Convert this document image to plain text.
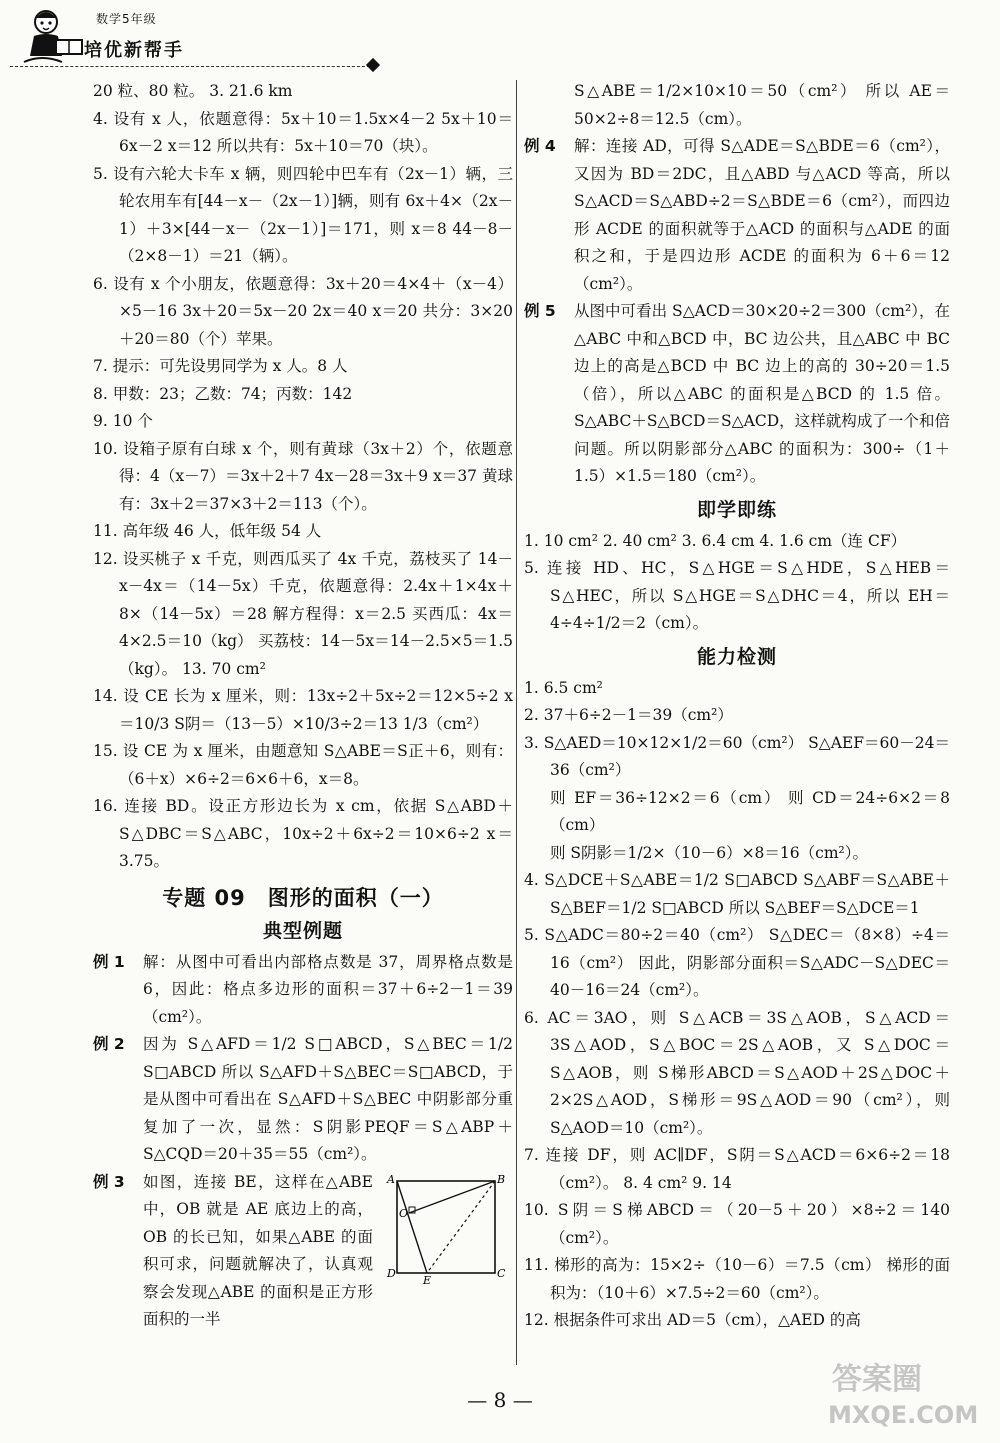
数学5年级
培优新帮手

20 粒、80 粒。 3. 21.6 km

4. 设有 x 人，依题意得：5x＋10＝1.5x×4－2 5x＋10＝6x－2 x＝12 所以共有：5x＋10＝70（块）。

5. 设有六轮大卡车 x 辆，则四轮中巴车有（2x－1）辆，三轮农用车有[44－x－（2x－1）]辆，则有 6x＋4×（2x－1）＋3×[44－x－（2x－1）]＝171，则 x＝8 44－8－（2×8－1）＝21（辆）。

6. 设有 x 个小朋友，依题意得：3x＋20＝4×4＋（x－4）×5－16 3x＋20＝5x－20 2x＝40 x＝20 共分：3×20＋20＝80（个）苹果。

7. 提示：可先设男同学为 x 人。8 人

8. 甲数：23；乙数：74；丙数：142

9. 10 个

10. 设箱子原有白球 x 个，则有黄球（3x＋2）个，依题意得：4（x－7）＝3x＋2＋7 4x－28＝3x＋9 x＝37 黄球有：3x＋2＝37×3＋2＝113（个）。

11. 高年级 46 人，低年级 54 人

12. 设买桃子 x 千克，则西瓜买了 4x 千克，荔枝买了 14－x－4x＝（14－5x）千克，依题意得：2.4x＋1×4x＋8×（14－5x）＝28 解方程得：x＝2.5 买西瓜：4x＝4×2.5＝10（kg） 买荔枝：14－5x＝14－2.5×5＝1.5（kg）。 13. 70 cm²

14. 设 CE 长为 x 厘米，则：13x÷2＋5x÷2＝12×5÷2 x＝10/3 S阴＝（13－5）×10/3÷2＝13 1/3（cm²）

15. 设 CE 为 x 厘米，由题意知 S△ABE＝S正＋6，则有：（6＋x）×6÷2＝6×6＋6，x＝8。

16. 连接 BD。设正方形边长为 x cm，依据 S△ABD＋S△DBC＝S△ABC，10x÷2＋6x÷2＝10×6÷2 x＝3.75。

专题 09　图形的面积（一）
典型例题
例 1	解：从图中可看出内部格点数是 37，周界格点数是 6，因此：格点多边形的面积＝37＋6÷2－1＝39（cm²）。
例 2	因为 S△AFD＝1/2 S□ABCD，S△BEC＝1/2 S□ABCD 所以 S△AFD＋S△BEC＝S□ABCD，于是从图中可看出在 S△AFD＋S△BEC 中阴影部分重复加了一次，显然：S阴影PEQF＝S△ABP＋S△CQD＝20＋35＝55（cm²）。
例 3	如图，连接 BE，这样在△ABE 中，OB 就是 AE 底边上的高，OB 的长已知，如果△ABE 的面积可求，问题就解决了，认真观察会发现△ABE 的面积是正方形面积的一半
A	B
O
D
E
C

S△ABE＝1/2×10×10＝50（cm²） 所以 AE＝50×2÷8＝12.5（cm）。

例 4	解：连接 AD，可得 S△ADE＝S△BDE＝6（cm²），又因为 BD＝2DC，且△ABD 与△ACD 等高，所以 S△ACD＝S△ABD÷2＝S△BDE＝6（cm²），而四边形 ACDE 的面积就等于△ACD 的面积与△ADE 的面积之和，于是四边形 ACDE 的面积为 6＋6＝12（cm²）。
例 5	从图中可看出 S△ACD＝30×20÷2＝300（cm²），在△ABC 中和△BCD 中，BC 边公共，且△ABC 中 BC 边上的高是△BCD 中 BC 边上的高的 30÷20＝1.5（倍），所以△ABC 的面积是△BCD 的 1.5 倍。S△ABC＋S△BCD＝S△ACD，这样就构成了一个和倍问题。所以阴影部分△ABC 的面积为：300÷（1＋1.5）×1.5＝180（cm²）。
即学即练

1. 10 cm² 2. 40 cm² 3. 6.4 cm 4. 1.6 cm（连 CF）

5. 连接 HD、HC，S△HGE＝S△HDE，S△HEB＝S△HEC，所以 S△HGE＝S△DHC＝4，所以 EH＝4÷4÷1/2＝2（cm）。

能力检测

1. 6.5 cm²

2. 37＋6÷2－1＝39（cm²）

3. S△AED＝10×12×1/2＝60（cm²） S△AEF＝60－24＝36（cm²）

则 EF＝36÷12×2＝6（cm） 则 CD＝24÷6×2＝8（cm）

则 S阴影＝1/2×（10－6）×8＝16（cm²）。

4. S△DCE＋S△ABE＝1/2 S□ABCD S△ABF＝S△ABE＋S△BEF＝1/2 S□ABCD 所以 S△BEF＝S△DCE＝1

5. S△ADC＝80÷2＝40（cm²） S△DEC＝（8×8）÷4＝16（cm²） 因此，阴影部分面积＝S△ADC－S△DEC＝40－16＝24（cm²）。

6. AC＝3AO，则 S△ACB＝3S△AOB，S△ACD＝3S△AOD，S△BOC＝2S△AOB，又 S△DOC＝S△AOB，则 S梯形ABCD＝S△AOD＋2S△DOC＋2×2S△AOD，S梯形＝9S△AOD＝90（cm²），则 S△AOD＝10（cm²）。

7. 连接 DF，则 AC∥DF，S阴＝S△ACD＝6×6÷2＝18（cm²）。 8. 4 cm² 9. 14

10. S阴＝S梯ABCD＝（20－5＋20）×8÷2＝140（cm²）。

11. 梯形的高为：15×2÷（10－6）＝7.5（cm） 梯形的面积为：（10＋6）×7.5÷2＝60（cm²）。

12. 根据条件可求出 AD＝5（cm），△AED 的高

— 8 —
答案圈
MXQE.COM
